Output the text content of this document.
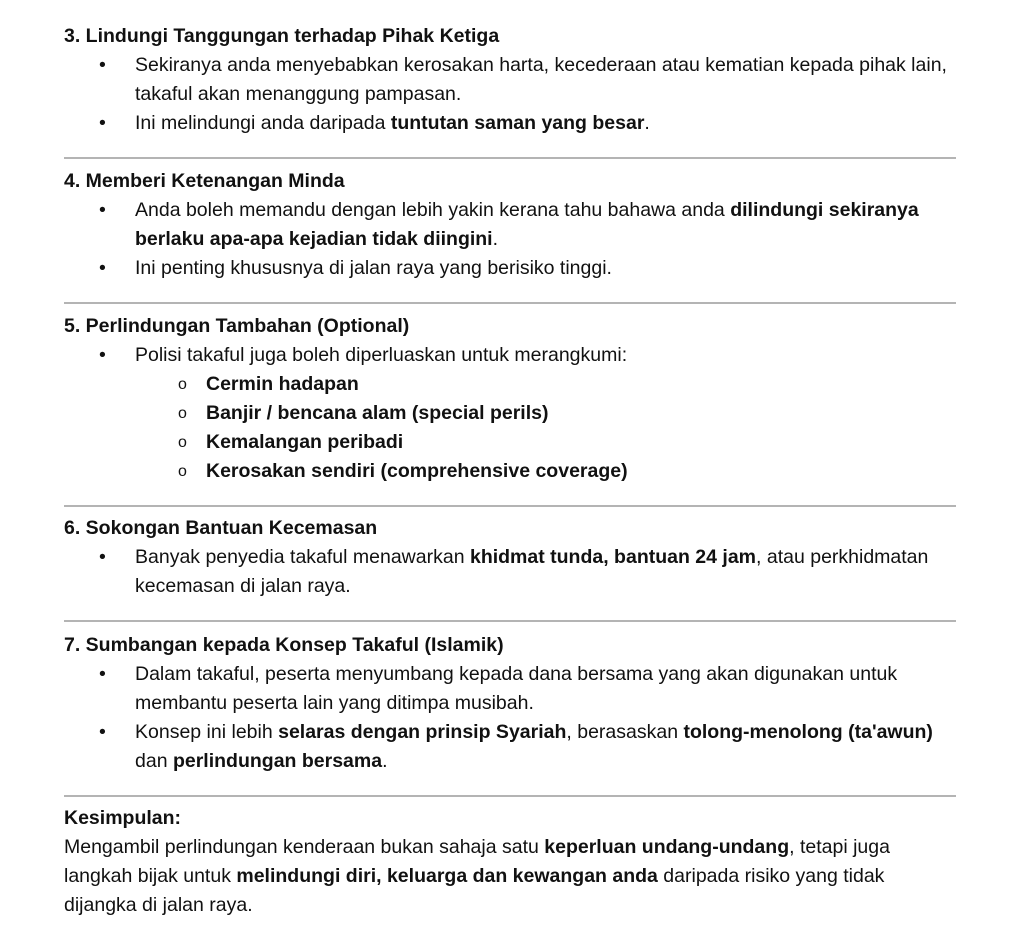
3. Lindungi Tanggungan terhadap Pihak Ketiga
• Sekiranya anda menyebabkan kerosakan harta, kecederaan atau kematian kepada pihak lain, takaful akan menanggung pampasan.
• Ini melindungi anda daripada tuntutan saman yang besar.
4. Memberi Ketenangan Minda
• Anda boleh memandu dengan lebih yakin kerana tahu bahawa anda dilindungi sekiranya berlaku apa-apa kejadian tidak diingini.
• Ini penting khususnya di jalan raya yang berisiko tinggi.
5. Perlindungan Tambahan (Optional)
• Polisi takaful juga boleh diperluaskan untuk merangkumi:
o Cermin hadapan
o Banjir / bencana alam (special perils)
o Kemalangan peribadi
o Kerosakan sendiri (comprehensive coverage)
6. Sokongan Bantuan Kecemasan
• Banyak penyedia takaful menawarkan khidmat tunda, bantuan 24 jam, atau perkhidmatan kecemasan di jalan raya.
7. Sumbangan kepada Konsep Takaful (Islamik)
• Dalam takaful, peserta menyumbang kepada dana bersama yang akan digunakan untuk membantu peserta lain yang ditimpa musibah.
• Konsep ini lebih selaras dengan prinsip Syariah, berasaskan tolong-menolong (ta'awun) dan perlindungan bersama.
Kesimpulan:

Mengambil perlindungan kenderaan bukan sahaja satu keperluan undang-undang, tetapi juga langkah bijak untuk melindungi diri, keluarga dan kewangan anda daripada risiko yang tidak dijangka di jalan raya.
